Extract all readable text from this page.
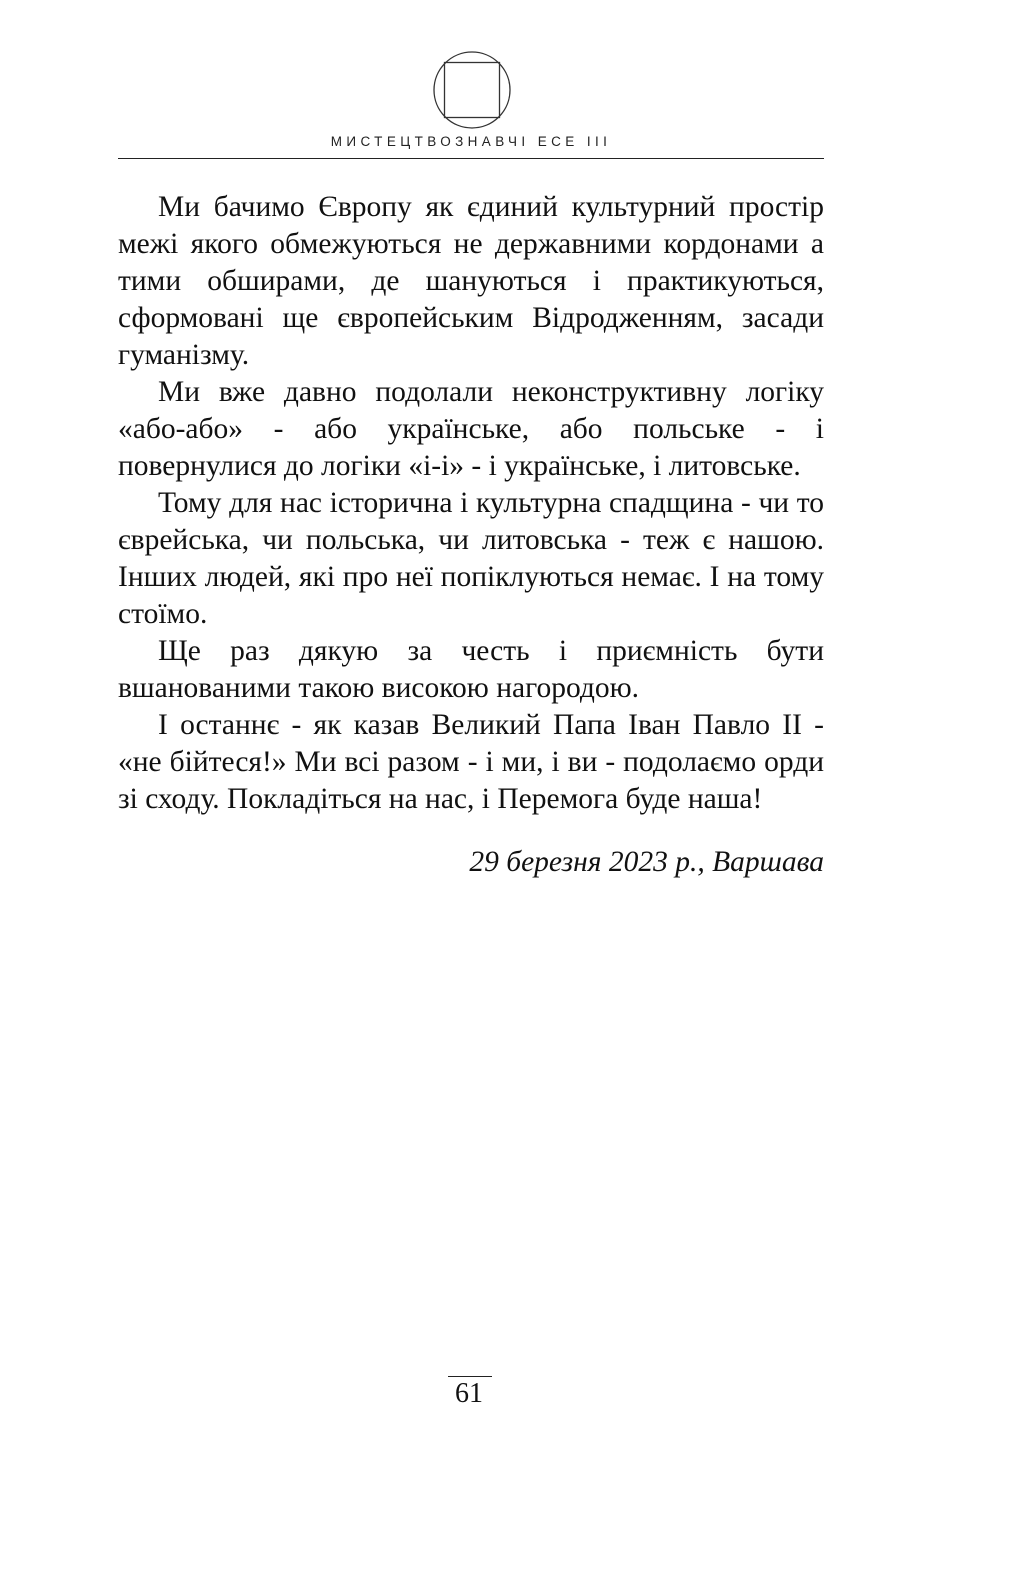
МИСТЕЦТВОЗНАВЧІ ЕСЕ III

Ми бачимо Європу як єдиний культурний простір межі якого обмежуються не державними кордонами а тими обширами, де шануються і практикуються, сформовані ще європейським Відродженням, засади гуманізму.

Ми вже давно подолали неконструктивну логіку «або-або» - або українське, або польське - і повернулися до логіки «і-і» - і українське, і литовське.

Тому для нас історична і культурна спадщина - чи то єврейська, чи польська, чи литовська - теж є нашою. Інших людей, які про неї попіклуються немає. І на тому стоїмо.

Ще раз дякую за честь і приємність бути вшанованими такою високою нагородою.

І останнє - як казав Великий Папа Іван Павло ІІ - «не бійтеся!» Ми всі разом - і ми, і ви - подолаємо орди зі сходу. Покладіться на нас, і Перемога буде наша!

29 березня 2023 р., Варшава
61
